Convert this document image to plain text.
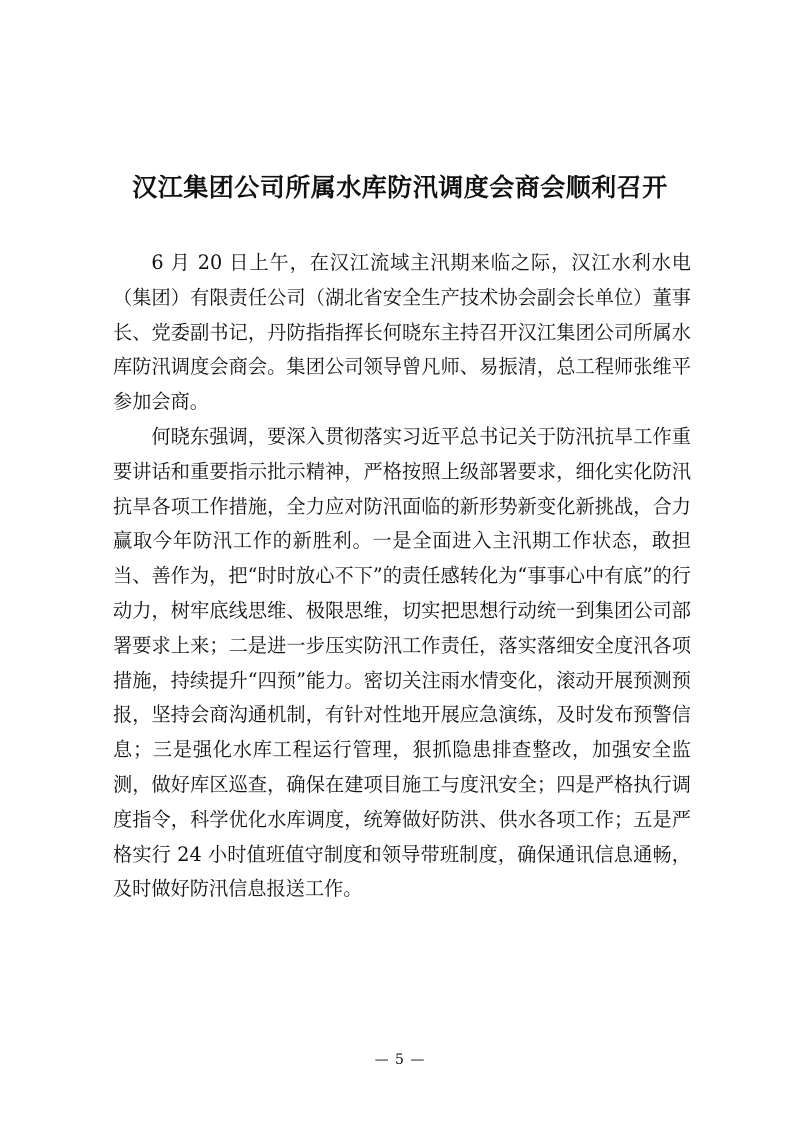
汉江集团公司所属水库防汛调度会商会顺利召开

6 月 20 日上午，在汉江流域主汛期来临之际，汉江水利水电（集团）有限责任公司（湖北省安全生产技术协会副会长单位）董事长、党委副书记，丹防指指挥长何晓东主持召开汉江集团公司所属水库防汛调度会商会。集团公司领导曾凡师、易振清，总工程师张维平参加会商。

何晓东强调，要深入贯彻落实习近平总书记关于防汛抗旱工作重要讲话和重要指示批示精神，严格按照上级部署要求，细化实化防汛抗旱各项工作措施，全力应对防汛面临的新形势新变化新挑战，合力赢取今年防汛工作的新胜利。一是全面进入主汛期工作状态，敢担当、善作为，把“时时放心不下”的责任感转化为“事事心中有底”的行动力，树牢底线思维、极限思维，切实把思想行动统一到集团公司部署要求上来；二是进一步压实防汛工作责任，落实落细安全度汛各项措施，持续提升“四预”能力。密切关注雨水情变化，滚动开展预测预报，坚持会商沟通机制，有针对性地开展应急演练，及时发布预警信息；三是强化水库工程运行管理，狠抓隐患排查整改，加强安全监测，做好库区巡查，确保在建项目施工与度汛安全；四是严格执行调度指令，科学优化水库调度，统筹做好防洪、供水各项工作；五是严格实行 24 小时值班值守制度和领导带班制度，确保通讯信息通畅，及时做好防汛信息报送工作。

— 5 —
